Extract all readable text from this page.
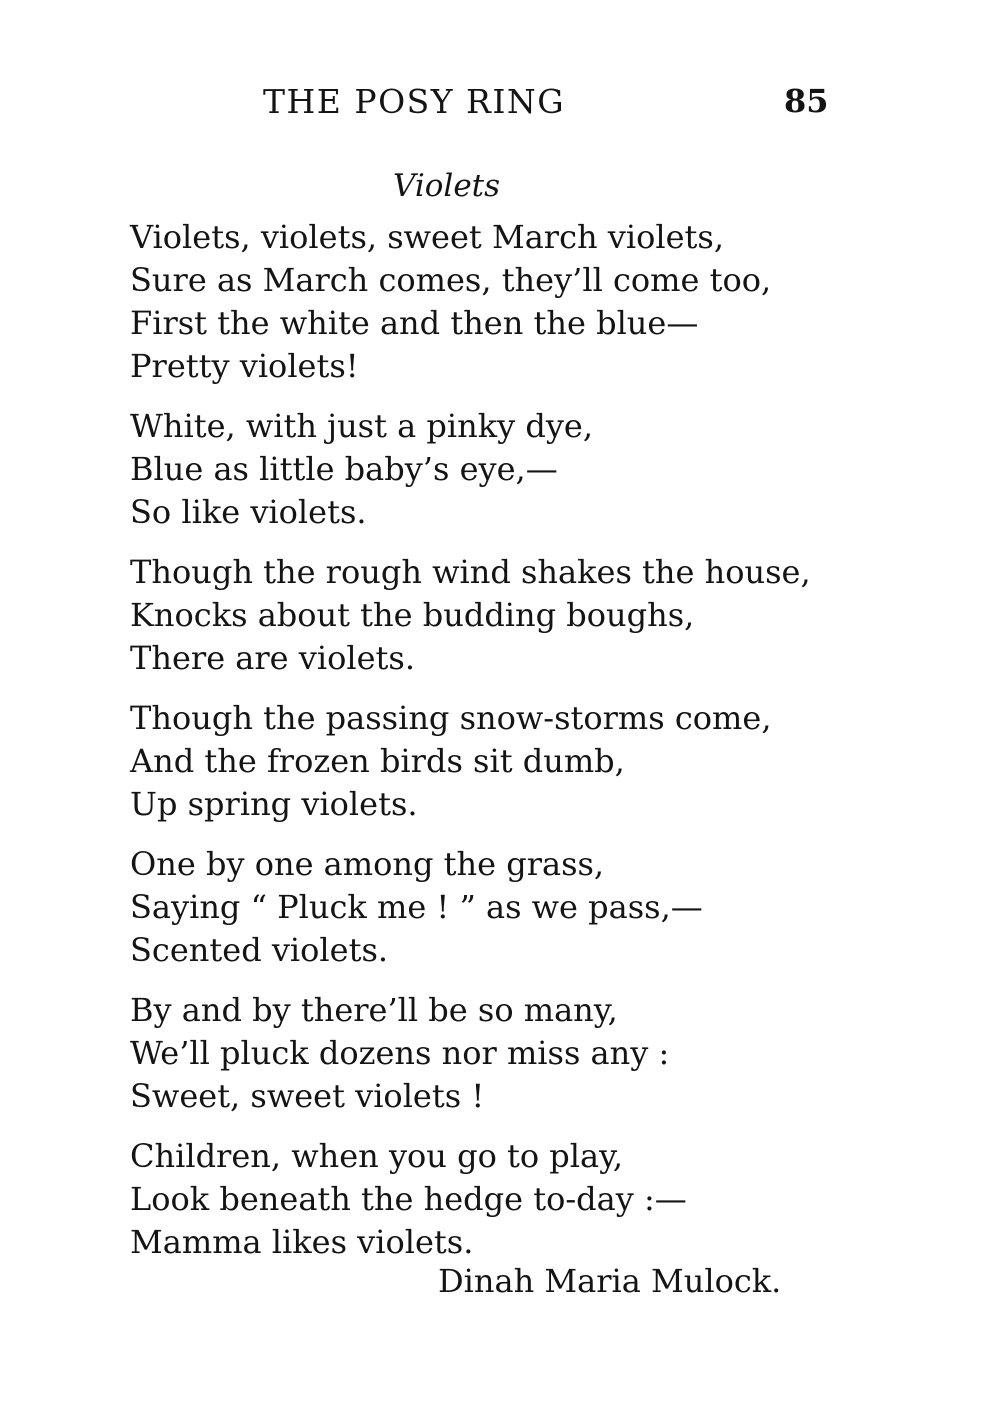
THE POSY RING	85
Violets
Violets, violets, sweet March violets,
Sure as March comes, they’ll come too,
First the white and then the blue—
Pretty violets!
White, with just a pinky dye,
Blue as little baby’s eye,—
So like violets.
Though the rough wind shakes the house,
Knocks about the budding boughs,
There are violets.
Though the passing snow-storms come,
And the frozen birds sit dumb,
Up spring violets.
One by one among the grass,
Saying “ Pluck me ! ” as we pass,—
Scented violets.
By and by there’ll be so many,
We’ll pluck dozens nor miss any :
Sweet, sweet violets !
Children, when you go to play,
Look beneath the hedge to-day :—
Mamma likes violets.
Dinah Maria Mulock.
